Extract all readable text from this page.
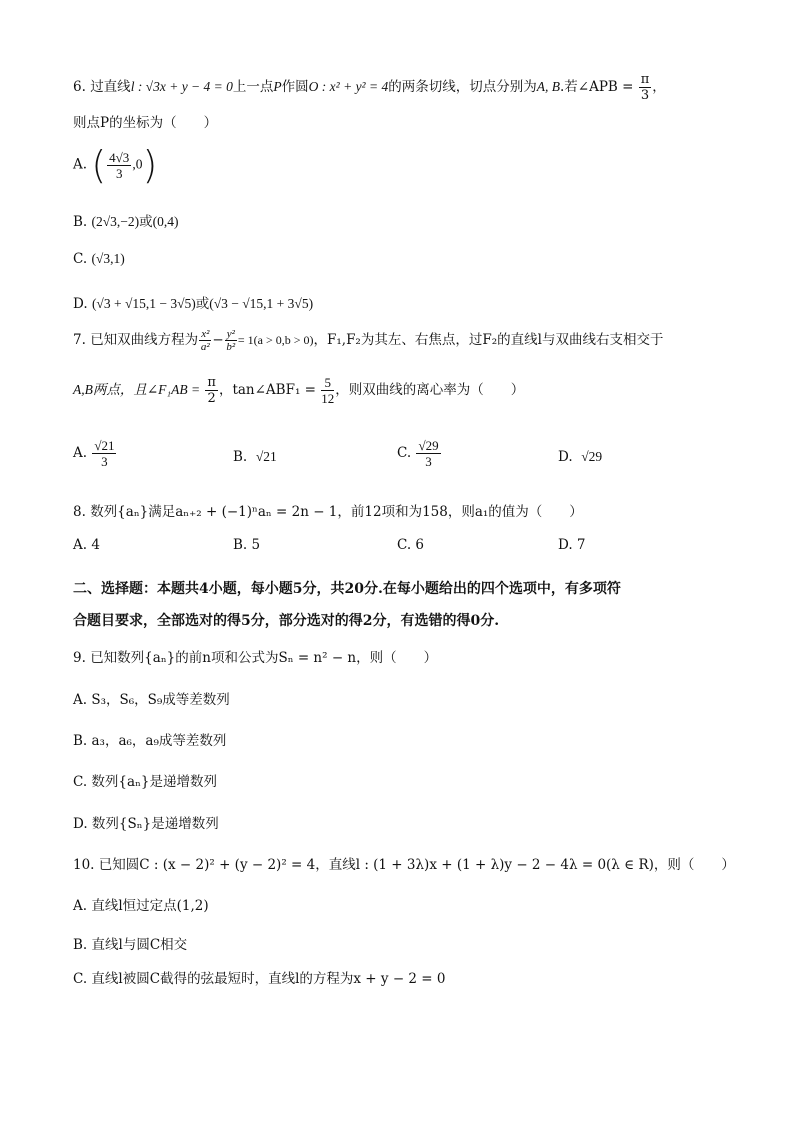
6. 过直线l : √3x + y − 4 = 0上一点P作圆O : x² + y² = 4的两条切线，切点分别为A, B.若∠APB = $\frac{\pi}{3}$ ，
则点P的坐标为（　　）
A. ( $\frac{4√3}{3} ,0$)
B. (2√3,−2)或(0,4)
C. (√3,1)
D. (√3 + √15,1 − 3√5)或(√3 − √15,1 + 3√5)
7. 已知双曲线方程为 $\frac{\text{x²}}{\text{a²}} - \frac{\text{y²}}{\text{b²}} = 1(a > 0,b > 0)$，F₁,F₂为其左、右焦点，过F₂的直线l与双曲线右支相交于
A,B两点，且∠F₁AB = $\frac{\pi}{2}$ ，tan∠ABF₁ = $\frac{5}{12}$ ，则双曲线的离心率为（　　）
A. $\frac{√21}{3}$	B. √21	C. $\frac{√29}{3}$	D. √29
8. 数列{aₙ}满足aₙ₊₂ + (−1)ⁿaₙ = 2n − 1，前12项和为158，则a₁的值为（　　）
A. 4	B. 5	C. 6	D. 7
二、选择题：本题共4小题，每小题5分，共20分.在每小题给出的四个选项中，有多项符
合题目要求，全部选对的得5分，部分选对的得2分，有选错的得0分.
9. 已知数列{aₙ}的前n项和公式为Sₙ = n² − n，则（　　）
A. S₃，S₆，S₉成等差数列
B. a₃，a₆，a₉成等差数列
C. 数列{aₙ}是递增数列
D. 数列{Sₙ}是递增数列
10. 已知圆C : (x − 2)² + (y − 2)² = 4，直线l : (1 + 3λ)x + (1 + λ)y − 2 − 4λ = 0(λ ∈ R)，则（　　）
A. 直线l恒过定点(1,2)
B. 直线l与圆C相交
C. 直线l被圆C截得的弦最短时，直线l的方程为x + y − 2 = 0
